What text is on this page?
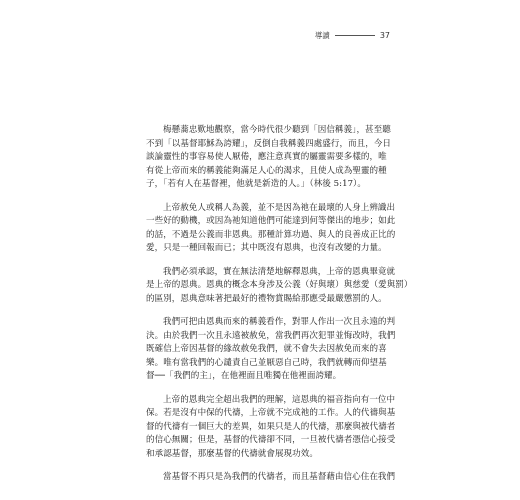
導讀	37

梅懸蕎忠歎地觀察，當今時代很少聽到「因信稱義」，甚至聽
不到「以基督耶穌為誇耀」，反倒自我稱義四處盛行，而且，今日
談論靈性的事容易使人厭倦，應注意真實的屬靈需要多樣的，唯
有從上帝而來的稱義能夠滿足人心的渴求，且使人成為聖靈的種
子，「若有人在基督裡，他就是新造的人。」（林後 5:17）。

上帝赦免人或稱人為義，並不是因為祂在最壞的人身上辨識出
一些好的動機，或因為祂知道他們可能達到何等傑出的地步；如此
的話，不過是公義而非恩典。那種計算功過、與人的良善成正比的
愛，只是一種回報而已；其中既沒有恩典，也沒有改變的力量。

我們必須承認，實在無法清楚地解釋恩典，上帝的恩典畢竟就
是上帝的恩典。恩典的概念本身涉及公義（好與壞）與慈愛（愛與罰）
的區別，恩典意味著把最好的禮物賞賜給那應受最嚴懲罰的人。

我們可把由恩典而來的稱義看作，對罪人作出一次且永遠的判
決。由於我們一次且永遠被赦免，當我們再次犯罪並悔改時，我們
既確信上帝因基督的緣故赦免我們，就不會失去因赦免而來的喜
樂。唯有當我們的心譴責自己並厭惡自己時，我們就轉而仰望基
督──「我們的主」，在他裡面且唯獨在他裡面誇耀。

上帝的恩典完全超出我們的理解，這恩典的福音指向有一位中
保。若是沒有中保的代禱，上帝就不完成祂的工作。人的代禱與基
督的代禱有一個巨大的差異，如果只是人的代禱，那麼與被代禱者
的信心無關；但是，基督的代禱卻不同，一旦被代禱者憑信心接受
和承認基督，那麼基督的代禱就會展現功效。

當基督不再只是為我們的代禱者，而且基督藉由信心住在我們
